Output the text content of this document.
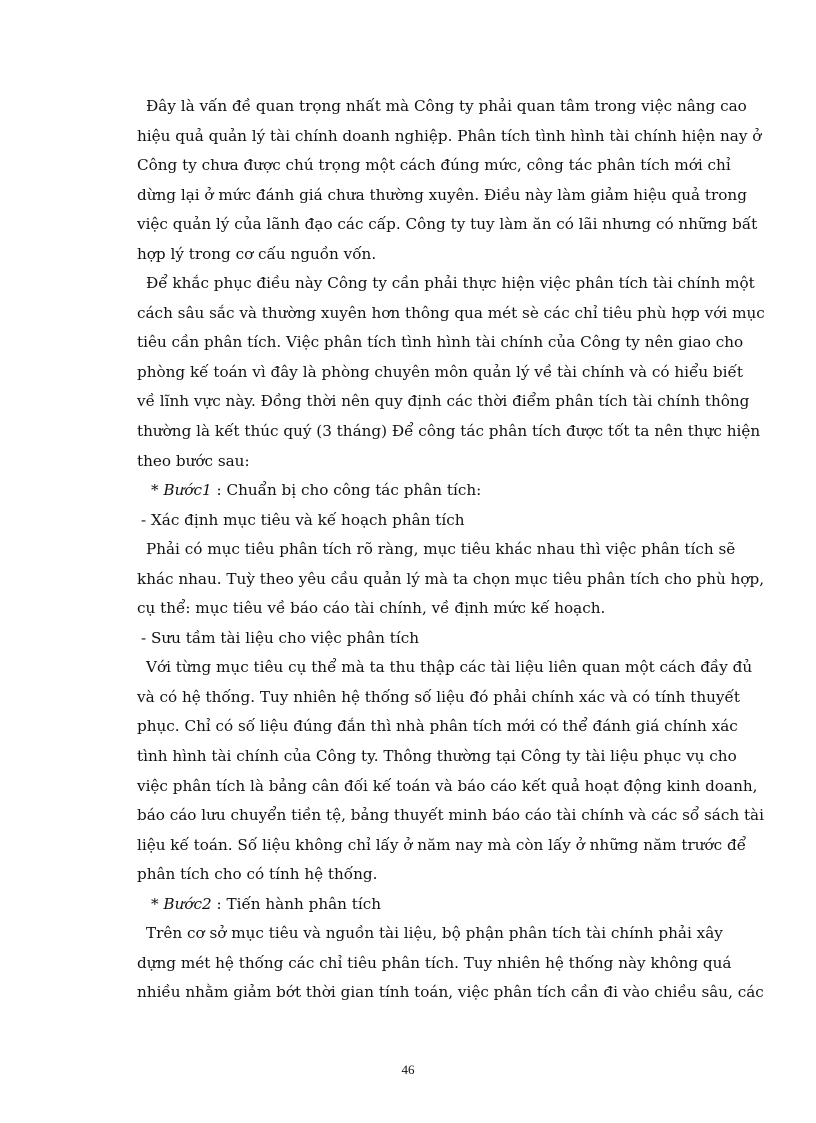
Đây là vấn đề quan trọng nhất mà Công ty phải quan tâm trong việc nâng cao
hiệu quả quản lý tài chính doanh nghiệp. Phân tích tình hình tài chính hiện nay ở
Công ty chưa được chú trọng một cách đúng mức, công tác phân tích mới chỉ
dừng lại ở mức đánh giá chưa thường xuyên. Điều này làm giảm hiệu quả trong
việc quản lý của lãnh đạo các cấp. Công ty tuy làm ăn có lãi nhưng có những bất
hợp lý trong cơ cấu nguồn vốn.
Để khắc phục điều này Công ty cần phải thực hiện việc phân tích tài chính một
cách sâu sắc và thường xuyên hơn thông qua mét sè các chỉ tiêu phù hợp với mục
tiêu cần phân tích. Việc phân tích tình hình tài chính của Công ty nên giao cho
phòng kế toán vì đây là phòng chuyên môn quản lý về tài chính và có hiểu biết
về lĩnh vực này. Đồng thời nên quy định các thời điểm phân tích tài chính thông
thường là kết thúc quý (3 tháng) Để công tác phân tích được tốt ta nên thực hiện
theo bước sau:
* Bước1 : Chuẩn bị cho công tác phân tích:
- Xác định mục tiêu và kế hoạch phân tích
Phải có mục tiêu phân tích rõ ràng, mục tiêu khác nhau thì việc phân tích sẽ
khác nhau. Tuỳ theo yêu cầu quản lý mà ta chọn mục tiêu phân tích cho phù hợp,
cụ thể: mục tiêu về báo cáo tài chính, về định mức kế hoạch.
- Sưu tầm tài liệu cho việc phân tích
Với từng mục tiêu cụ thể mà ta thu thập các tài liệu liên quan một cách đầy đủ
và có hệ thống. Tuy nhiên hệ thống số liệu đó phải chính xác và có tính thuyết
phục. Chỉ có số liệu đúng đắn thì nhà phân tích mới có thể đánh giá chính xác
tình hình tài chính của Công ty. Thông thường tại Công ty tài liệu phục vụ cho
việc phân tích là bảng cân đối kế toán và báo cáo kết quả hoạt động kinh doanh,
báo cáo lưu chuyển tiền tệ, bảng thuyết minh báo cáo tài chính và các sổ sách tài
liệu kế toán. Số liệu không chỉ lấy ở năm nay mà còn lấy ở những năm trước để
phân tích cho có tính hệ thống.
* Bước2 : Tiến hành phân tích
Trên cơ sở mục tiêu và nguồn tài liệu, bộ phận phân tích tài chính phải xây
dựng mét hệ thống các chỉ tiêu phân tích. Tuy nhiên hệ thống này không quá
nhiều nhằm giảm bớt thời gian tính toán, việc phân tích cần đi vào chiều sâu, các
46
